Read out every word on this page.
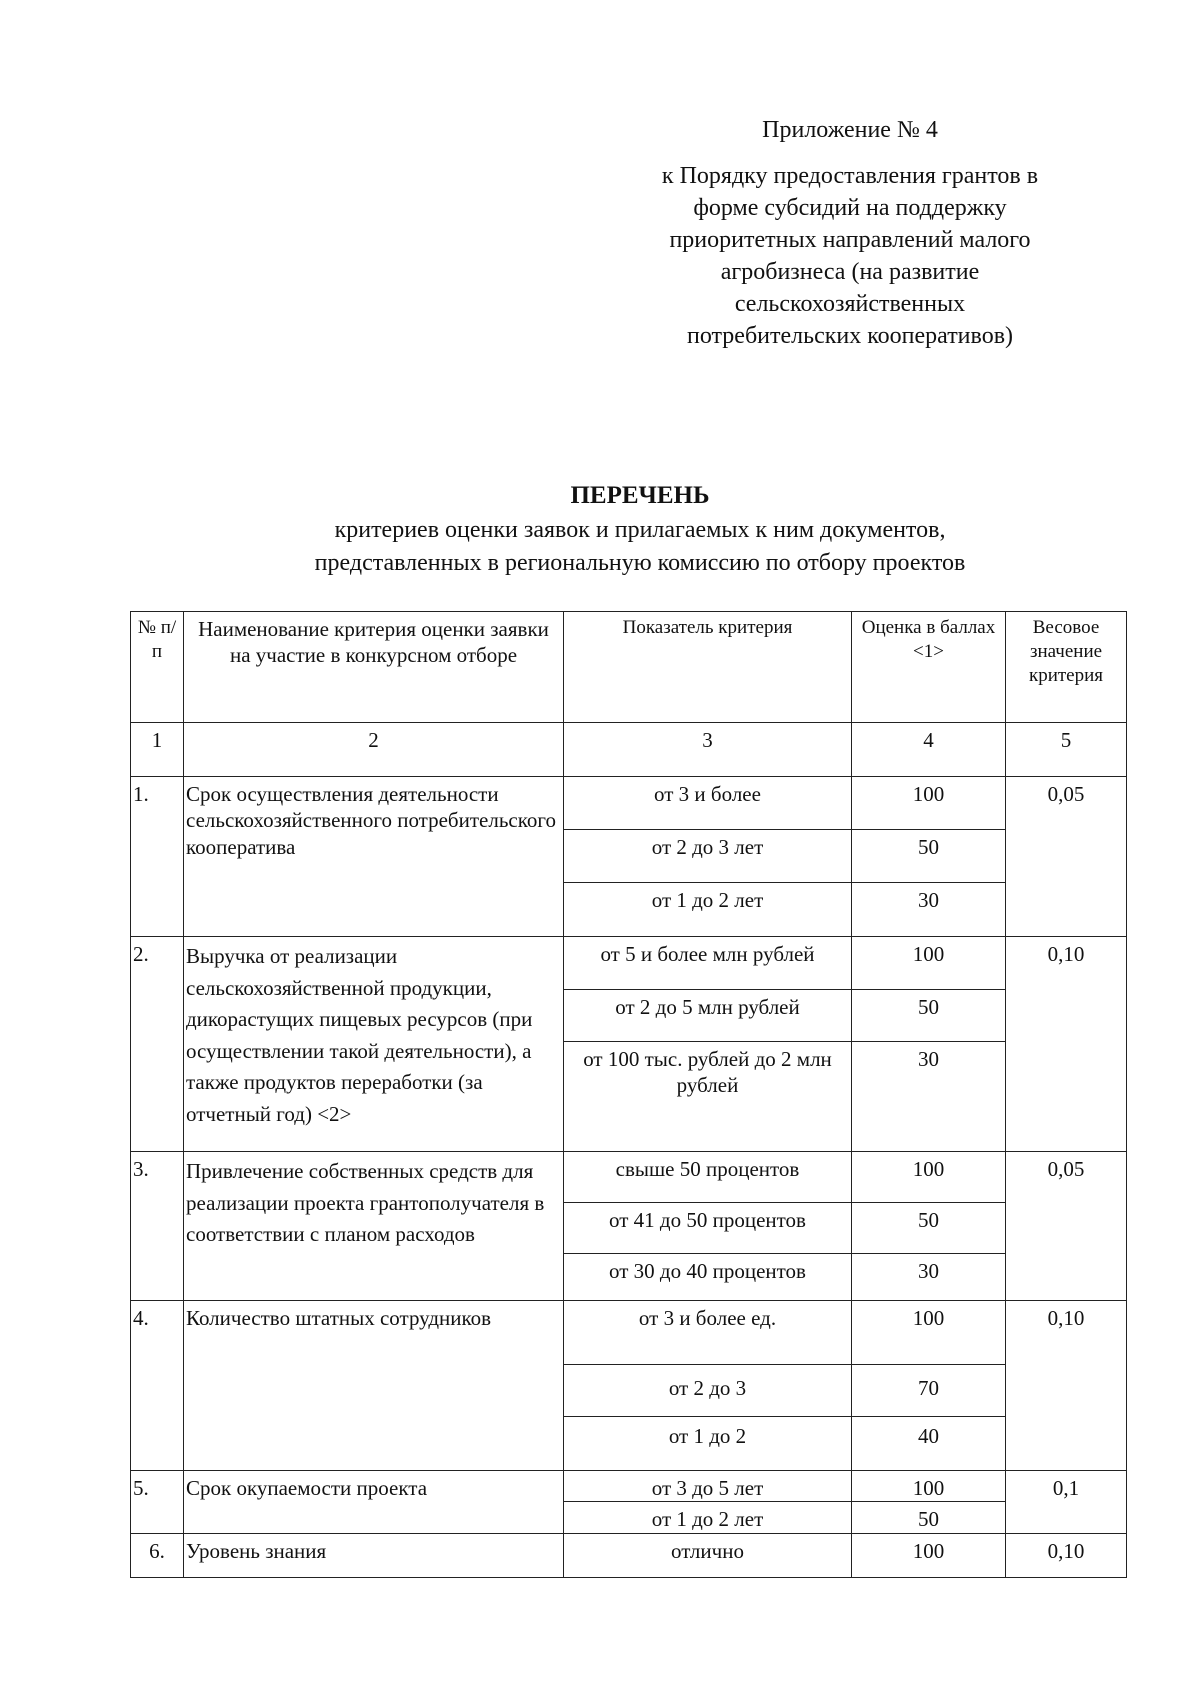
Приложение № 4
к Порядку предоставления грантов в
форме субсидий на поддержку
приоритетных направлений малого
агробизнеса (на развитие
сельскохозяйственных
потребительских кооперативов)
ПЕРЕЧЕНЬ
критериев оценки заявок и прилагаемых к ним документов,
представленных в региональную комиссию по отбору проектов
№ п/п	Наименование критерия оценки заявки на участие в конкурсном отборе	Показатель критерия	Оценка в баллах <1>	Весовое значение критерия
1	2	3	4	5
1.	Срок осуществления деятельности сельскохозяйственного потребительского кооператива	от 3 и более	100	0,05
		от 2 до 3 лет	50	
		от 1 до 2 лет	30	
2.	Выручка от реализации сельскохозяйственной продукции, дикорастущих пищевых ресурсов (при осуществлении такой деятельности), а также продуктов переработки (за отчетный год) <2>	от 5 и более млн рублей	100	0,10
		от 2 до 5 млн рублей	50	
		от 100 тыс. рублей до 2 млн рублей	30	
3.	Привлечение собственных средств для реализации проекта грантополучателя в соответствии с планом расходов	свыше 50 процентов	100	0,05
		от 41 до 50 процентов	50	
		от 30 до 40 процентов	30	
4.	Количество штатных сотрудников	от 3 и более ед.	100	0,10
		от 2 до 3	70	
		от 1 до 2	40	
5.	Срок окупаемости проекта	от 3 до 5 лет	100	0,1
		от 1 до 2 лет	50	
6.	Уровень знания	отлично	100	0,10
